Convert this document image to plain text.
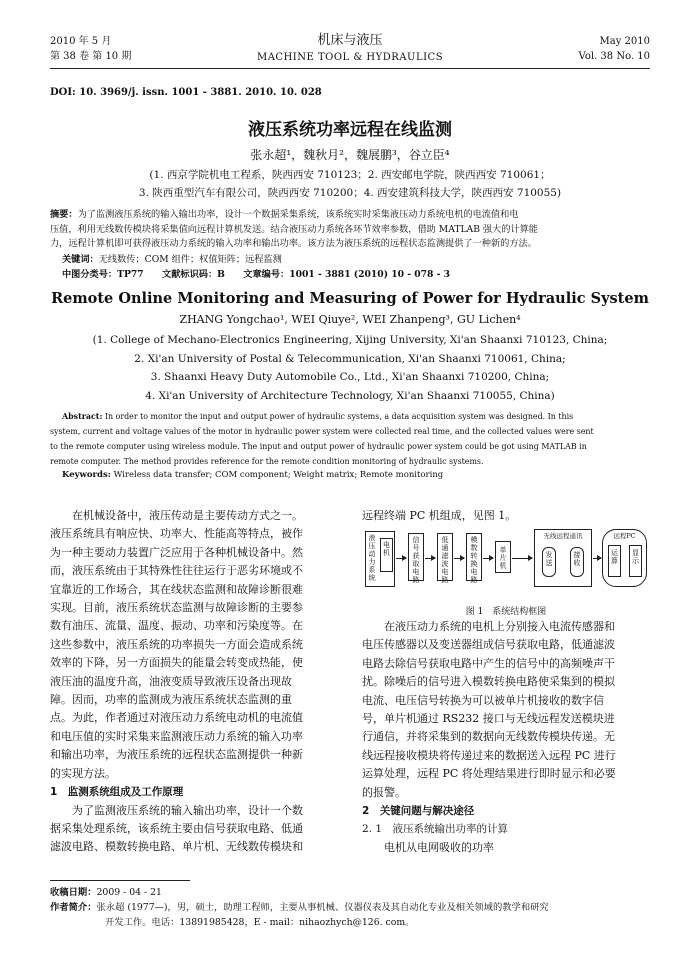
2010 年 5 月
第 38 卷 第 10 期
机床与液压
MACHINE TOOL & HYDRAULICS
May 2010
Vol. 38 No. 10
DOI: 10. 3969/j. issn. 1001 - 3881. 2010. 10. 028
液压系统功率远程在线监测
张永超¹，魏秋月²，魏展鹏³，谷立臣⁴
(1. 西京学院机电工程系，陕西西安 710123；2. 西安邮电学院，陕西西安 710061；
3. 陕西重型汽车有限公司，陕西西安 710200；4. 西安建筑科技大学，陕西西安 710055)
摘要：为了监测液压系统的输入输出功率，设计一个数据采集系统，该系统实时采集液压动力系统电机的电流值和电
压值，利用无线数传模块将采集值向远程计算机发送。结合液压动力系统各环节效率参数，借助 MATLAB 强大的计算能
力，远程计算机即可获得液压动力系统的输入功率和输出功率。该方法为液压系统的远程状态监测提供了一种新的方法。
关键词：无线数传；COM 组件；权值矩阵；远程监测
中图分类号：TP77　　文献标识码：B　　文章编号：1001 - 3881 (2010) 10 - 078 - 3
Remote Online Monitoring and Measuring of Power for Hydraulic System
ZHANG Yongchao¹, WEI Qiuye², WEI Zhanpeng³, GU Lichen⁴
(1. College of Mechano-Electronics Engineering, Xijing University, Xi'an Shaanxi 710123, China;
2. Xi'an University of Postal & Telecommunication, Xi'an Shaanxi 710061, China;
3. Shaanxi Heavy Duty Automobile Co., Ltd., Xi'an Shaanxi 710200, China;
4. Xi'an University of Architecture Technology, Xi'an Shaanxi 710055, China)
Abstract: In order to monitor the input and output power of hydraulic systems, a data acquisition system was designed. In this
system, current and voltage values of the motor in hydraulic power system were collected real time, and the collected values were sent
to the remote computer using wireless module. The input and output power of hydraulic power system could be got using MATLAB in
remote computer. The method provides reference for the remote condition monitoring of hydraulic systems.
Keywords: Wireless data transfer; COM component; Weight matrix; Remote monitoring
　　在机械设备中，液压传动是主要传动方式之一。
液压系统具有响应快、功率大、性能高等特点，被作
为一种主要动力装置广泛应用于各种机械设备中。然
而，液压系统由于其特殊性往往运行于恶劣环境或不
宜靠近的工作场合，其在线状态监测和故障诊断很难
实现。目前，液压系统状态监测与故障诊断的主要参
数有油压、流量、温度、振动、功率和污染度等。在
这些参数中，液压系统的功率损失一方面会造成系统
效率的下降，另一方面损失的能量会转变成热能，使
液压油的温度升高，油液变质导致液压设备出现故
障。因而，功率的监测成为液压系统状态监测的重
点。为此，作者通过对液压动力系统电动机的电流值
和电压值的实时采集来监测液压动力系统的输入功率
和输出功率，为液压系统的远程状态监测提供一种新
的实现方法。
1　监测系统组成及工作原理
　　为了监测液压系统的输入输出功率，设计一个数
据采集处理系统，该系统主要由信号获取电路、低通
滤波电路、模数转换电路、单片机、无线数传模块和
远程终端 PC 机组成，见图 1。
液压动力系统
电机
信号获取电路
低通滤波电路
模数转换电路
单片机
无线远程通讯
发送
接收
远程PC
运算
显示
图 1　系统结构框图
　　在液压动力系统的电机上分别接入电流传感器和
电压传感器以及变送器组成信号获取电路，低通滤波
电路去除信号获取电路中产生的信号中的高频噪声干
扰。除噪后的信号进入模数转换电路使采集到的模拟
电流、电压信号转换为可以被单片机接收的数字信
号，单片机通过 RS232 接口与无线远程发送模块进
行通信，并将采集到的数据向无线数传模块传递。无
线远程接收模块将传递过来的数据送入远程 PC 进行
运算处理，远程 PC 将处理结果进行即时显示和必要
的报警。
2　关键问题与解决途径
2. 1　液压系统输出功率的计算
　　电机从电网吸收的功率
收稿日期：2009 - 04 - 21
作者简介：张永超 (1977—)，男，硕士，助理工程师，主要从事机械、仪器仪表及其自动化专业及相关领域的教学和研究
开发工作。电话：13891985428，E - mail：nihaozhych@126. com。
